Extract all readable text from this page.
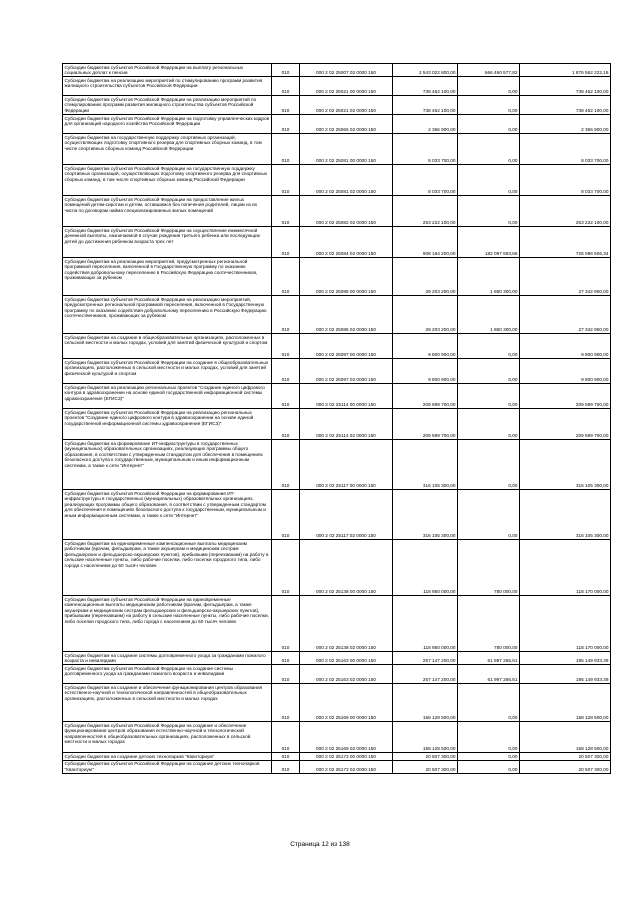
Субсидии бюджетам субъектов Российской Федерации на выплату региональных социальных доплат к пенсии	010	000 2 02 25007 02 0000 150	2 543 022 800,00	666 460 577,82	1 876 562 222,18
Субсидии бюджетам на реализацию мероприятий по стимулированию программ развития жилищного строительства субъектов Российской Федерации	010	000 2 02 25021 00 0000 150	738 462 100,00	0,00	738 462 100,00
Субсидии бюджетам субъектов Российской Федерации на реализацию мероприятий по стимулированию программ развития жилищного строительства субъектов Российской Федерации	010	000 2 02 25021 02 0000 150	738 462 100,00	0,00	738 462 100,00
Субсидии бюджетам субъектов Российской Федерации на подготовку управленческих кадров для организаций народного хозяйства Российской Федерации	010	000 2 02 25066 02 0000 150	2 366 900,00	0,00	2 366 900,00
Субсидии бюджетам на государственную поддержку спортивных организаций, осуществляющих подготовку спортивного резерва для спортивных сборных команд, в том числе спортивных сборных команд Российской Федерации	010	000 2 02 25081 00 0000 150	8 033 700,00	0,00	8 033 700,00
Субсидии бюджетам субъектов Российской Федерации на государственную поддержку спортивных организаций, осуществляющих подготовку спортивного резерва для спортивных сборных команд, в том числе спортивных сборных команд Российской Федерации	010	000 2 02 25081 02 0000 150	8 033 700,00	0,00	8 033 700,00
Субсидии бюджетам субъектов Российской Федерации на предоставление жилых помещений детям-сиротам и детям, оставшимся без попечения родителей, лицам из их числа по договорам найма специализированных жилых помещений	010	000 2 02 25082 02 0000 150	253 222 100,00	0,00	253 222 100,00
Субсидии бюджетам субъектов Российской Федерации на осуществление ежемесячной денежной выплаты, назначаемой в случае рождения третьего ребенка или последующих детей до достижения ребенком возраста трех лет	010	000 2 02 25084 02 0000 150	908 194 200,00	182 097 693,66	726 096 506,34
Субсидии бюджетам на реализацию мероприятий, предусмотренных региональной программой переселения, включенной в Государственную программу по оказанию содействия добровольному переселению в Российскую Федерацию соотечественников, проживающих за рубежом	010	000 2 02 25086 00 0000 150	29 203 200,00	1 860 300,00	27 342 900,00
Субсидии бюджетам субъектов Российской Федерации на реализацию мероприятий, предусмотренных региональной программой переселения, включенной в Государственную программу по оказанию содействия добровольному переселению в Российскую Федерацию соотечественников, проживающих за рубежом	010	000 2 02 25086 02 0000 150	29 203 200,00	1 860 300,00	27 342 900,00
Субсидии бюджетам на создание в общеобразовательных организациях, расположенных в сельской местности и малых городах, условий для занятий физической культурой и спортом	010	000 2 02 25097 00 0000 150	9 800 900,00	0,00	9 800 900,00
Субсидии бюджетам субъектов Российской Федерации на создание в общеобразовательных организациях, расположенных в сельской местности и малых городах, условий для занятий физической культурой и спортом	010	000 2 02 25097 02 0000 150	9 800 900,00	0,00	9 800 900,00
Субсидии бюджетам на реализацию региональных проектов "Создание единого цифрового контура в здравоохранении на основе единой государственной информационной системы здравоохранения (ЕГИСЗ)"	010	000 2 02 25114 00 0000 150	209 599 700,00	0,00	209 599 700,00
Субсидии бюджетам субъектов Российской Федерации на реализацию региональных проектов "Создание единого цифрового контура в здравоохранении на основе единой государственной информационной системы здравоохранения (ЕГИСЗ)"	010	000 2 02 25114 02 0000 150	209 599 700,00	0,00	209 599 700,00
Субсидии бюджетам на формирование ИТ-инфраструктуры в государственных (муниципальных) образовательных организациях, реализующих программы общего образования, в соответствии с утвержденным стандартом для обеспечения в помещениях безопасного доступа к государственным, муниципальным и иным информационным системам, а также к сети "Интернет"	010	000 2 02 25117 00 0000 150	316 105 300,00	0,00	316 105 300,00
Субсидии бюджетам субъектов Российской Федерации на формирование ИТ-инфраструктуры в государственных (муниципальных) образовательных организациях, реализующих программы общего образования, в соответствии с утвержденным стандартом для обеспечения в помещениях безопасного доступа к государственным, муниципальным и иным информационным системам, а также к сети "Интернет"	010	000 2 02 25117 02 0000 150	316 105 300,00	0,00	316 105 300,00
Субсидии бюджетам на единовременные компенсационные выплаты медицинским работникам (врачам, фельдшерам, а также акушеркам и медицинским сестрам фельдшерских и фельдшерско-акушерских пунктов), прибывшим (переехавшим) на работу в сельские населенные пункты, либо рабочие поселки, либо поселки городского типа, либо города с населением до 50 тысяч человек	010	000 2 02 25138 00 0000 150	118 950 000,00	780 000,00	118 170 000,00
Субсидии бюджетам субъектов Российской Федерации на единовременные компенсационные выплаты медицинским работникам (врачам, фельдшерам, а также акушеркам и медицинским сестрам фельдшерских и фельдшерско-акушерских пунктов), прибывшим (переехавшим) на работу в сельские населенные пункты, либо рабочие поселки, либо поселки городского типа, либо города с населением до 50 тысяч человек	010	000 2 02 25138 02 0000 150	118 950 000,00	780 000,00	118 170 000,00
Субсидии бюджетам на создание системы долговременного ухода за гражданами пожилого возраста и инвалидами	010	000 2 02 25163 00 0000 150	257 147 200,00	61 997 266,61	195 149 933,39
Субсидии бюджетам субъектов Российской Федерации на создание системы долговременного ухода за гражданами пожилого возраста и инвалидами	010	000 2 02 25163 02 0000 150	257 147 200,00	61 997 266,61	195 149 933,39
Субсидии бюджетам на создание и обеспечение функционирования центров образования естественно-научной и технологической направленностей в общеобразовательных организациях, расположенных в сельской местности и малых городах	010	000 2 02 25169 00 0000 150	158 128 500,00	0,00	158 128 500,00
Субсидии бюджетам субъектов Российской Федерации на создание и обеспечение функционирования центров образования естественно-научной и технологической направленностей в общеобразовательных организациях, расположенных в сельской местности и малых городах	010	000 2 02 25169 02 0000 150	158 128 500,00	0,00	158 128 500,00
Субсидии бюджетам на создание детских технопарков "Кванториум"	010	000 2 02 25173 00 0000 150	20 507 300,00	0,00	20 507 300,00
Субсидии бюджетам субъектов Российской Федерации на создание детских технопарков "Кванториум"	010	000 2 02 25173 02 0000 150	20 507 300,00	0,00	20 507 300,00
Страница 12 из 138
